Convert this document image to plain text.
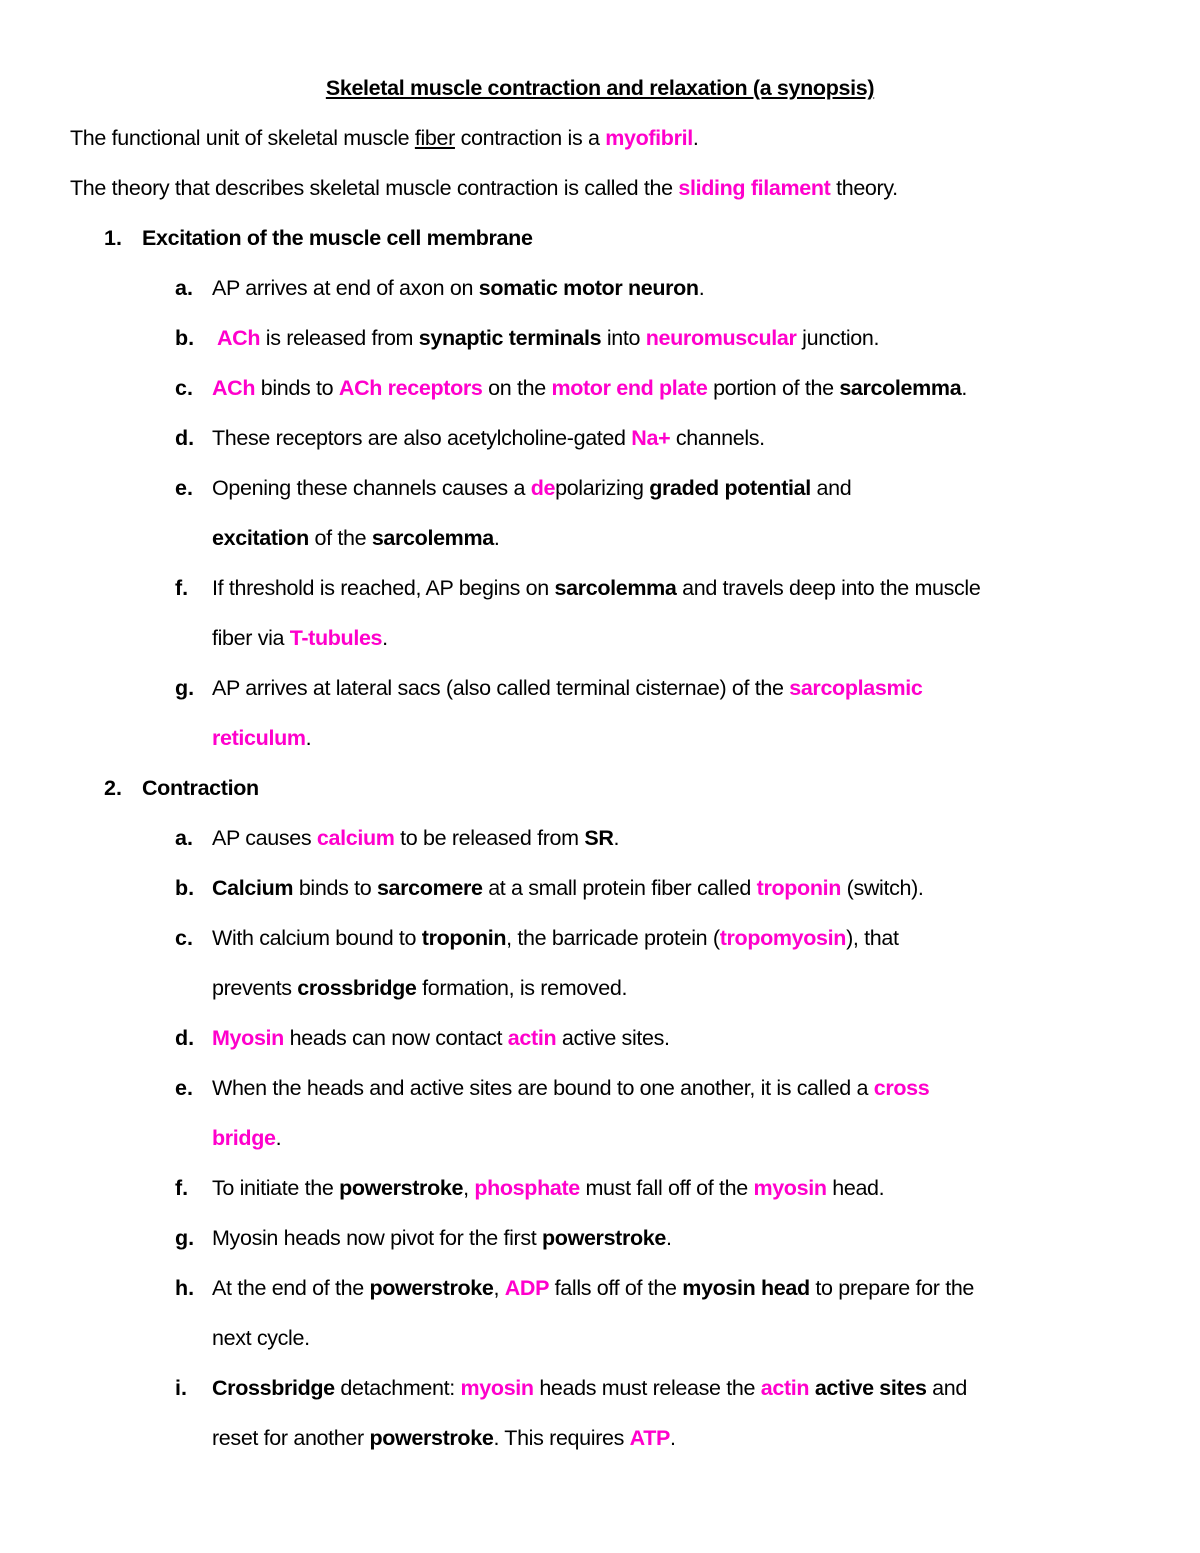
Skeletal muscle contraction and relaxation (a synopsis)
The functional unit of skeletal muscle fiber contraction is a myofibril.
The theory that describes skeletal muscle contraction is called the sliding filament theory.
1. Excitation of the muscle cell membrane
a. AP arrives at end of axon on somatic motor neuron.
b. ACh is released from synaptic terminals into neuromuscular junction.
c. ACh binds to ACh receptors on the motor end plate portion of the sarcolemma.
d. These receptors are also acetylcholine-gated Na+ channels.
e. Opening these channels causes a depolarizing graded potential and
excitation of the sarcolemma.
f. If threshold is reached, AP begins on sarcolemma and travels deep into the muscle
fiber via T-tubules.
g. AP arrives at lateral sacs (also called terminal cisternae) of the sarcoplasmic
reticulum.
2. Contraction
a. AP causes calcium to be released from SR.
b. Calcium binds to sarcomere at a small protein fiber called troponin (switch).
c. With calcium bound to troponin, the barricade protein (tropomyosin), that
prevents crossbridge formation, is removed.
d. Myosin heads can now contact actin active sites.
e. When the heads and active sites are bound to one another, it is called a cross
bridge.
f. To initiate the powerstroke, phosphate must fall off of the myosin head.
g. Myosin heads now pivot for the first powerstroke.
h. At the end of the powerstroke, ADP falls off of the myosin head to prepare for the
next cycle.
i. Crossbridge detachment: myosin heads must release the actin active sites and
reset for another powerstroke. This requires ATP.
